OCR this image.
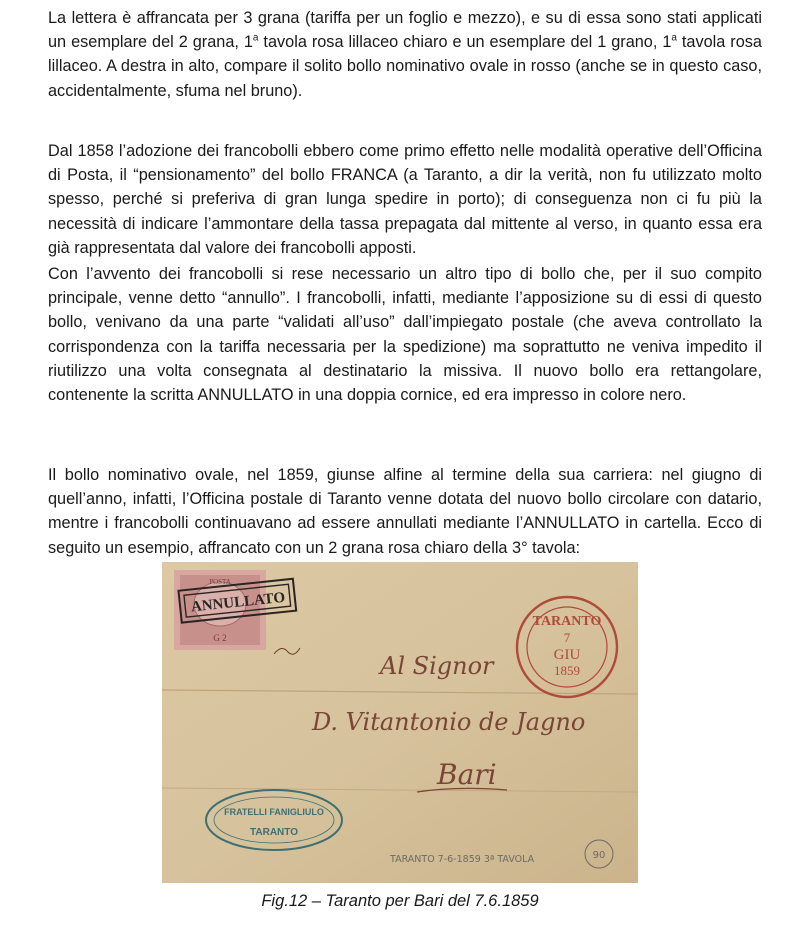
La lettera è affrancata per 3 grana (tariffa per un foglio e mezzo), e su di essa sono stati applicati un esemplare del 2 grana, 1$^a$ tavola rosa lillaceo chiaro e un esemplare del 1 grano, 1$^a$ tavola rosa lillaceo. A destra in alto, compare il solito bollo nominativo ovale in rosso (anche se in questo caso, accidentalmente, sfuma nel bruno).

Dal 1858 l’adozione dei francobolli ebbero come primo effetto nelle modalità operative dell’Officina di Posta, il “pensionamento” del bollo FRANCA (a Taranto, a dir la verità, non fu utilizzato molto spesso, perché si preferiva di gran lunga spedire in porto); di conseguenza non ci fu più la necessità di indicare l’ammontare della tassa prepagata dal mittente al verso, in quanto essa era già rappresentata dal valore dei francobolli apposti.

Con l’avvento dei francobolli si rese necessario un altro tipo di bollo che, per il suo compito principale, venne detto “annullo”. I francobolli, infatti, mediante l’apposizione su di essi di questo bollo, venivano da una parte “validati all’uso” dall’impiegato postale (che aveva controllato la corrispondenza con la tariffa necessaria per la spedizione) ma soprattutto ne veniva impedito il riutilizzo una volta consegnata al destinatario la missiva. Il nuovo bollo era rettangolare, contenente la scritta ANNULLATO in una doppia cornice, ed era impresso in colore nero.

Il bollo nominativo ovale, nel 1859, giunse alfine al termine della sua carriera: nel giugno di quell’anno, infatti, l’Officina postale di Taranto venne dotata del nuovo bollo circolare con datario, mentre i francobolli continuavano ad essere annullati mediante l’ANNULLATO in cartella. Ecco di seguito un esempio, affrancato con un 2 grana rosa chiaro della 3° tavola:

POSTA
G 2
ANNULLATO
TARANTO
7
GIU
1859
Al Signor
D. Vitantonio de Jagno
Bari
FRATELLI FANIGLIULO
TARANTO
TARANTO 7-6-1859 3ª TAVOLA	90
Fig.12 – Taranto per Bari del 7.6.1859
